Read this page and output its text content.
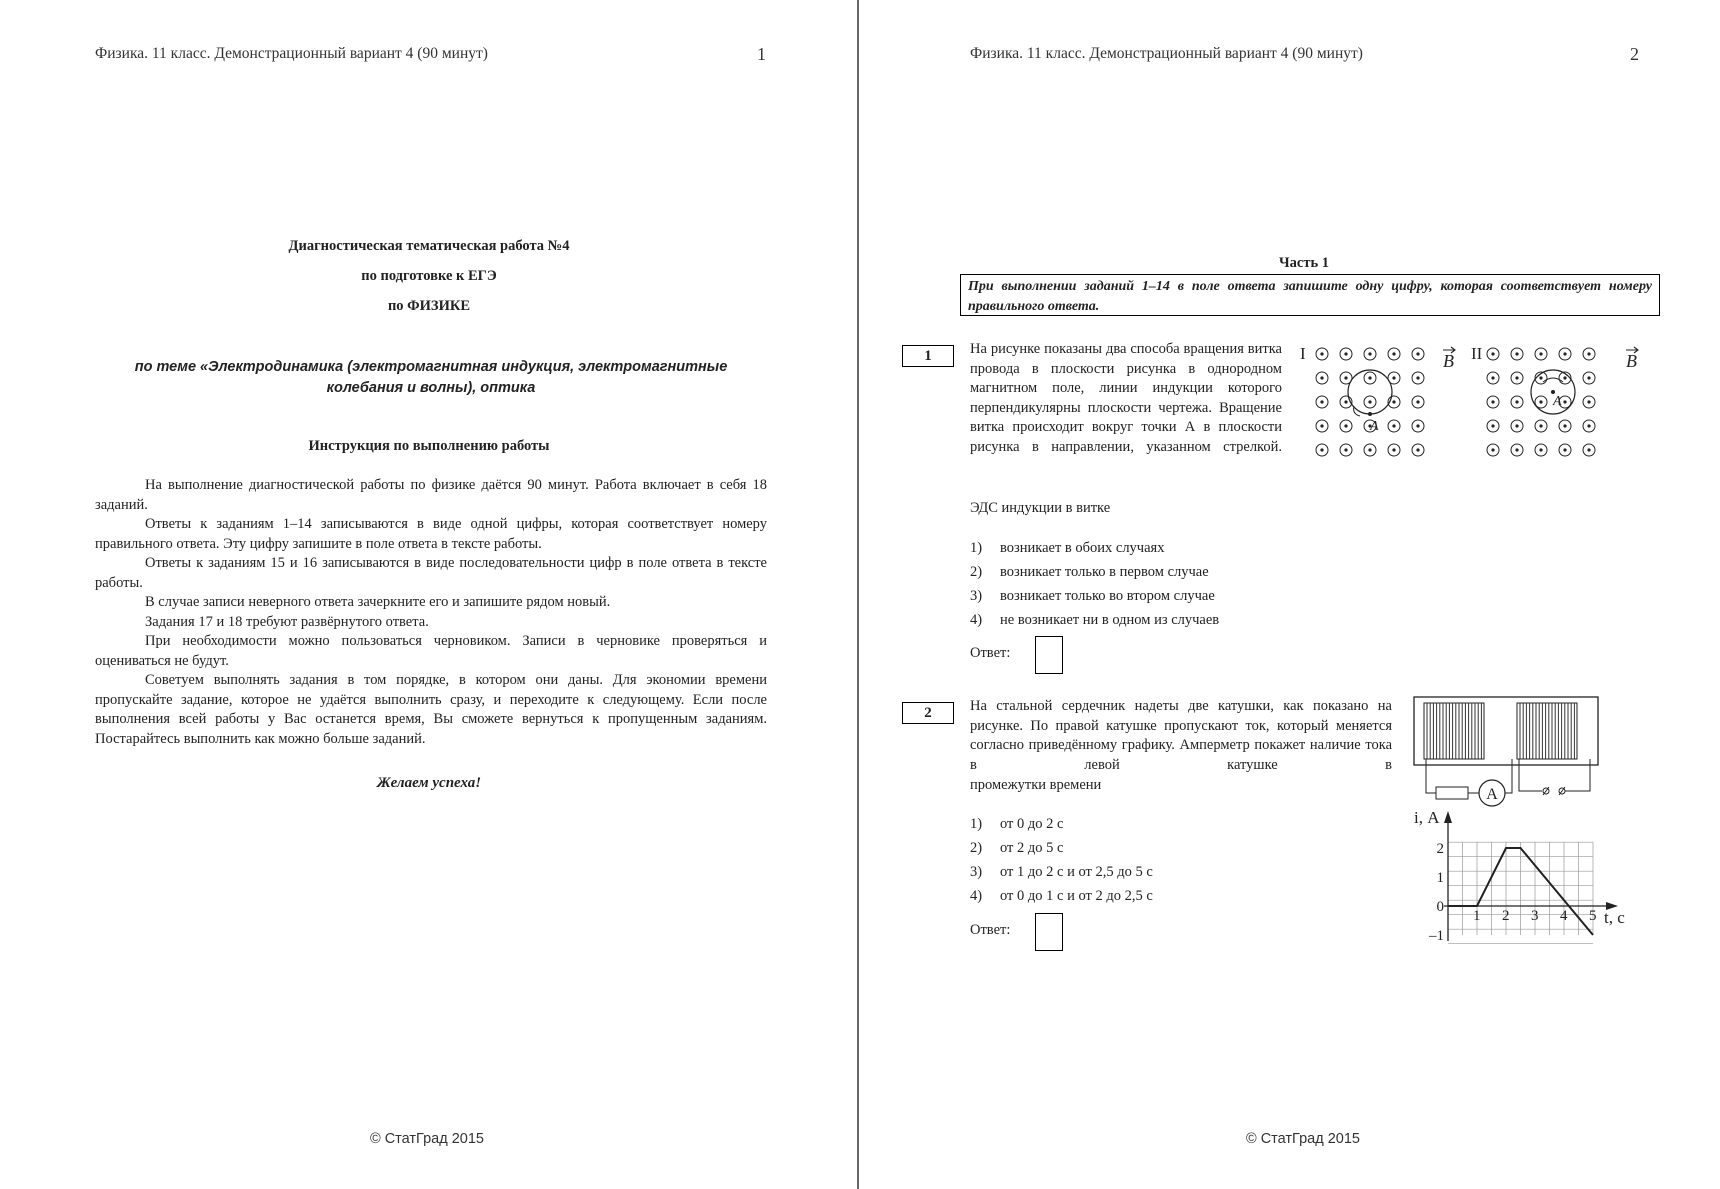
Физика. 11 класс. Демонстрационный вариант 4 (90 минут)	1
Диагностическая тематическая работа №4
по подготовке к ЕГЭ
по ФИЗИКЕ
по теме «Электродинамика (электромагнитная индукция, электромагнитные
колебания и волны), оптика
Инструкция по выполнению работы

На выполнение диагностической работы по физике даётся 90 минут. Работа включает в себя 18 заданий.

Ответы к заданиям 1–14 записываются в виде одной цифры, которая соответствует номеру правильного ответа. Эту цифру запишите в поле ответа в тексте работы.

Ответы к заданиям 15 и 16 записываются в виде последовательности цифр в поле ответа в тексте работы.

В случае записи неверного ответа зачеркните его и запишите рядом новый.

Задания 17 и 18 требуют развёрнутого ответа.

При необходимости можно пользоваться черновиком. Записи в черновике проверяться и оцениваться не будут.

Советуем выполнять задания в том порядке, в котором они даны. Для экономии времени пропускайте задание, которое не удаётся выполнить сразу, и переходите к следующему. Если после выполнения всей работы у Вас останется время, Вы сможете вернуться к пропущенным заданиям. Постарайтесь выполнить как можно больше заданий.

Желаем успеха!
© СтатГрад 2015
Физика. 11 класс. Демонстрационный вариант 4 (90 минут)	2
Часть 1
При выполнении заданий 1–14 в поле ответа запишите одну цифру, которая соответствует номеру правильного ответа.
1	На рисунке показаны два способа вращения витка провода в плоскости рисунка в однородном магнитном поле, линии индукции которого перпендикулярны плоскости чертежа. Вращение витка происходит вокруг точки А в плоскости рисунка в направлении, указанном стрелкой.
ЭДС индукции в витке
I	II
B	B
A
A
1) возникает в обоих случаях
2) возникает только в первом случае
3) возникает только во втором случае
4) не возникает ни в одном из случаев
Ответ:
2	На стальной сердечник надеты две катушки, как показано на рисунке. По правой катушке пропускают ток, который меняется согласно приведённому графику. Амперметр покажет наличие тока в левой катушке в
промежутки времени
A
i, А
t, с
1 2 3 4 5
2
1
0
–1
1) от 0 до 2 с
2) от 2 до 5 с
3) от 1 до 2 с и от 2,5 до 5 с
4) от 0 до 1 с и от 2 до 2,5 с
Ответ:
© СтатГрад 2015
